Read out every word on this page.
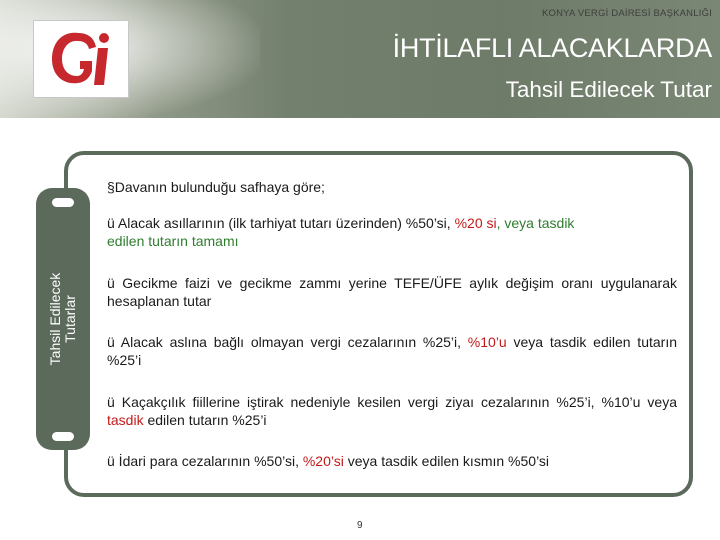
KONYA VERGİ DAİRESİ BAŞKANLIĞI
İHTİLAFLI ALACAKLARDA
Tahsil Edilecek Tutar
Tahsil Edilecek Tutarlar
§Davanın bulunduğu safhaya göre;
ü Alacak asıllarının (ilk tarhiyat tutarı üzerinden) %50’si, %20 si, veya tasdik
edilen tutarın tamamı
ü Gecikme faizi ve gecikme zammı yerine TEFE/ÜFE aylık değişim oranı uygulanarak hesaplanan tutar
ü Alacak aslına bağlı olmayan vergi cezalarının %25’i, %10’u veya tasdik edilen tutarın %25’i
ü Kaçakçılık fiillerine iştirak nedeniyle kesilen vergi ziyaı cezalarının %25’i, %10’u veya tasdik edilen tutarın %25’i
ü İdari para cezalarının %50’si, %20’si veya tasdik edilen kısmın %50’si
9
